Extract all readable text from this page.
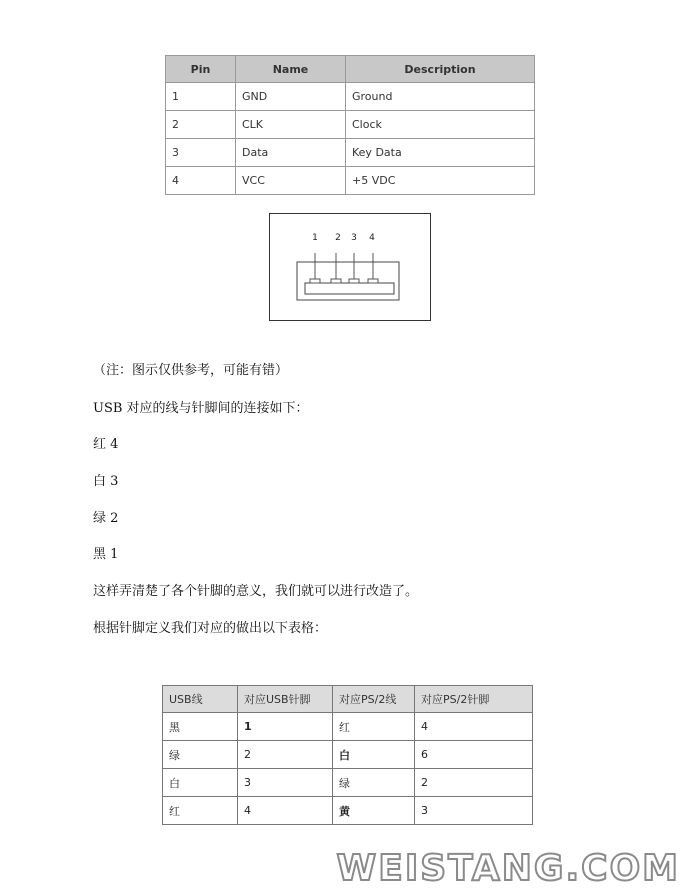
Pin	Name	Description
1	GND	Ground
2	CLK	Clock
3	Data	Key Data
4	VCC	+5 VDC
1 2 3 4
（注：图示仅供参考，可能有错）
USB 对应的线与针脚间的连接如下：
红 4
白 3
绿 2
黑 1
这样弄清楚了各个针脚的意义，我们就可以进行改造了。
根据针脚定义我们对应的做出以下表格：
USB线	对应USB针脚	对应PS/2线	对应PS/2针脚
黑	1	红	4
绿	2	白	6
白	3	绿	2
红	4	黄	3
WEISTANG.COM
